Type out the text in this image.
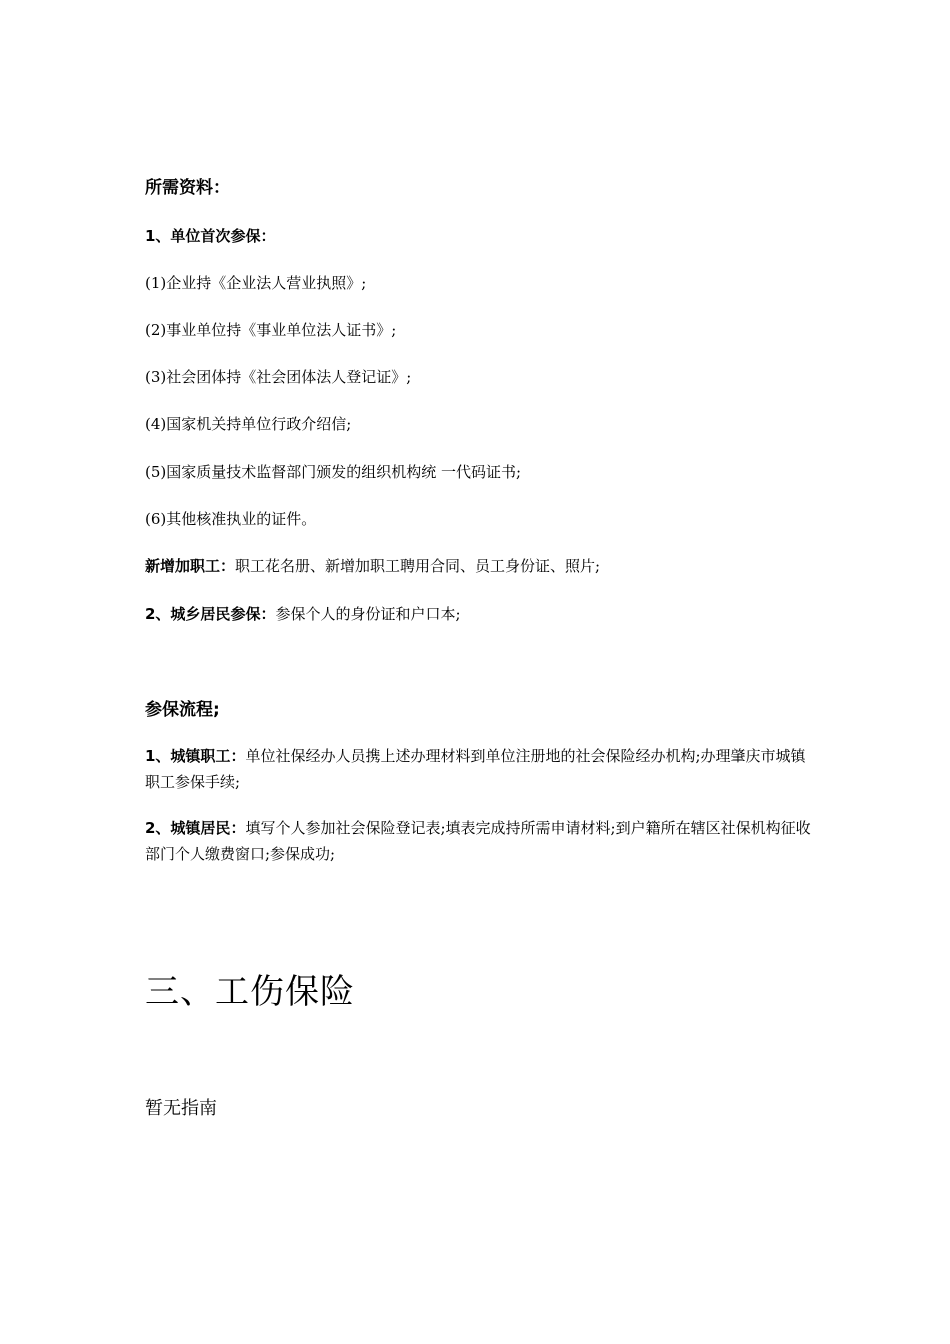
所需资料：

1、单位首次参保：

(1)企业持《企业法人营业执照》;

(2)事业单位持《事业单位法人证书》;

(3)社会团体持《社会团体法人登记证》;

(4)国家机关持单位行政介绍信;

(5)国家质量技术监督部门颁发的组织机构统 一代码证书;

(6)其他核准执业的证件。

新增加职工：职工花名册、新增加职工聘用合同、员工身份证、照片;

2、城乡居民参保：参保个人的身份证和户口本;

参保流程;

1、城镇职工：单位社保经办人员携上述办理材料到单位注册地的社会保险经办机构;办理肇庆市城镇职工参保手续;

2、城镇居民：填写个人参加社会保险登记表;填表完成持所需申请材料;到户籍所在辖区社保机构征收部门个人缴费窗口;参保成功;

三、工伤保险

暂无指南
